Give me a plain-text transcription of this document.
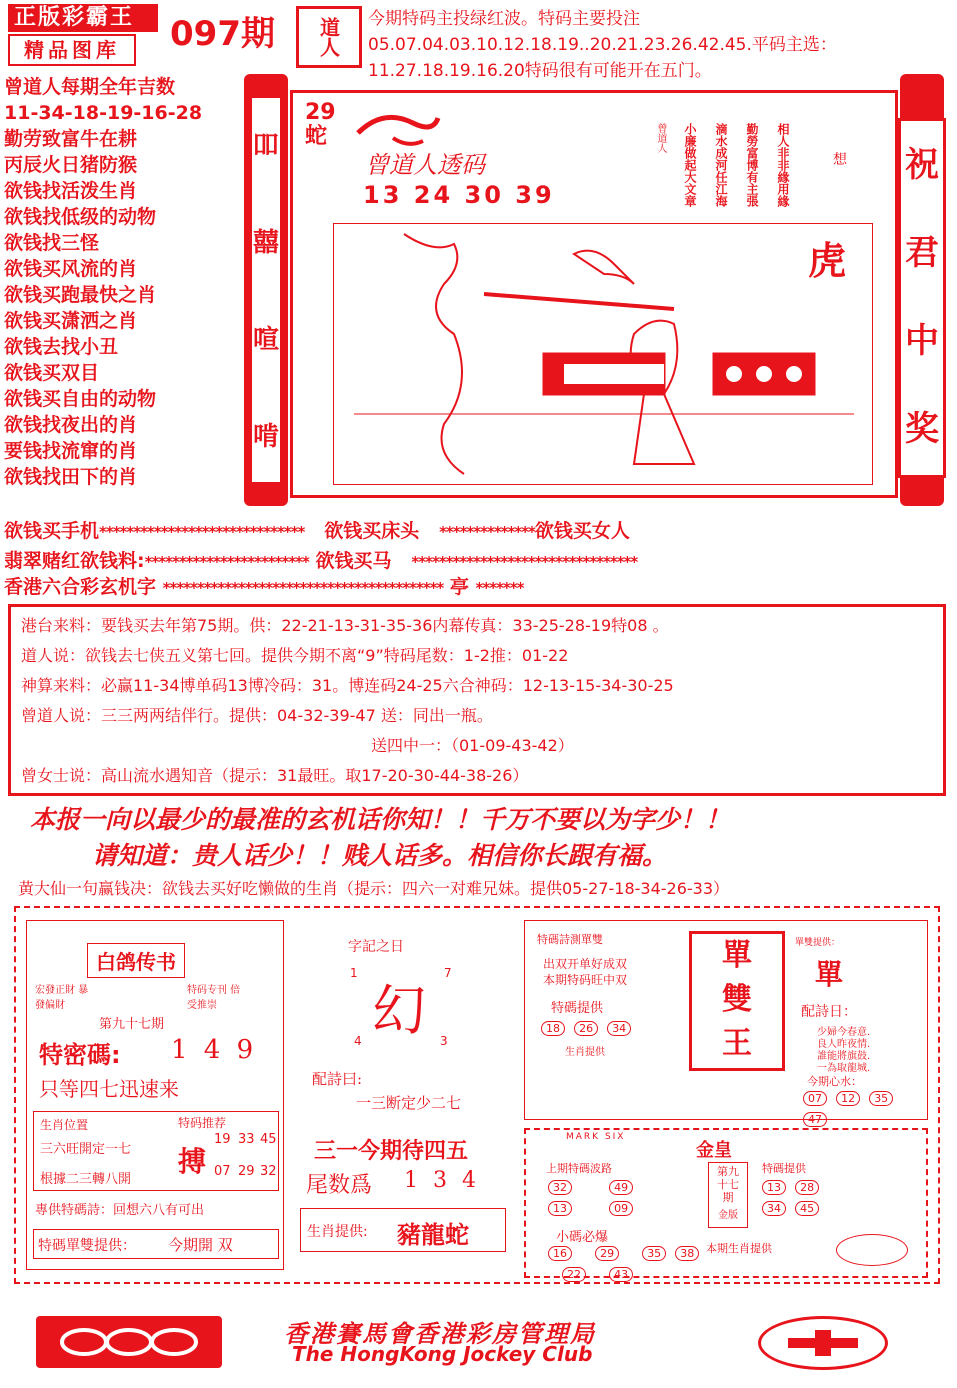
正版彩霸王
精品图库	097期 道人 今期特码主投绿红波。特码主要投注05.07.04.03.10.12.18.19..20.21.23.26.42.45.平码主选：11.27.18.19.16.20特码很有可能开在五门。
曾道人每期全年吉数
11-34-18-19-16-28
勤劳致富牛在耕
丙辰火日猪防猴
欲钱找活泼生肖
欲钱找低级的动物
欲钱找三怪
欲钱买风流的肖
欲钱买跑最快之肖
欲钱买潇洒之肖
欲钱去找小丑
欲钱买双目
欲钱买自由的动物
欲钱找夜出的肖
要钱找流窜的肖
欲钱找田下的肖
吅
囍
喧
啃
祝
君
中
奖
29蛇
曾道人透码
13 24 30 39	相人非非緣用緣
勤勞富博有主張
滴水成河任江海
小廉做起大文章
曾道人
想
虎
欲钱买手机****************************** 欲钱买床头 **************欲钱买女人
翡翠赌红欲钱料:************************ 欲钱买马 *********************************
香港六合彩玄机字 ***************************************** 亭 *******
港台来料：要钱买去年第75期。供：22-21-13-31-35-36内幕传真：33-25-28-19特08 。
道人说：欲钱去七侠五义第七回。提供今期不离“9”特码尾数：1-2推：01-22
神算来料：必赢11-34博单码13博冷码：31。博连码24-25六合神码：12-13-15-34-30-25
曾道人说：三三两两结伴行。提供：04-32-39-47 送：同出一瓶。
送四中一：（01-09-43-42）
曾女士说：高山流水遇知音（提示：31最旺。取17-20-30-44-38-26）
本报一向以最少的最准的玄机话你知！！千万不要以为字少！！
请知道：贵人话少！！贱人话多。相信你长跟有福。
黄大仙一句赢钱决：欲钱去买好吃懒做的生肖（提示：四六一对难兄妹。提供05-27-18-34-26-33）
白鸽传书
宏發正財 暴發偏財
特码专刊 倍受推崇
第九十七期
特密碼: 1 4 9
只等四七迅速来
生肖位置	特码推荐
三六旺開定一七
根據二三轉八開
搏
19 33 45
07 29 32
專供特碼詩：回想六八有可出
特碼單雙提供： 今期開 双
字記之日
1	7
幻
4	3
配詩曰:
一三断定少二七
三一今期待四五
尾数爲 1 3 4
生肖提供: 豬龍蛇
特碼詩測單雙
出双开单好成双
本期特码旺中双
特碼提供
18 26 34
生肖提供
單
雙
王
單雙提供：
單
配詩日：
少婦今春意.
良人昨夜情.
誰能將旗鼓.
一為取龍城.
今期心水：
07 12 35 47
MARK SIX
金皇
上期特碼波路
32	49 13	09
第九十七期
金版
特碼提供
13 28 34 45
小碼必爆
16	29	35 38 22	43
本期生肖提供
香港賽馬會香港彩房管理局
The HongKong Jockey Club
